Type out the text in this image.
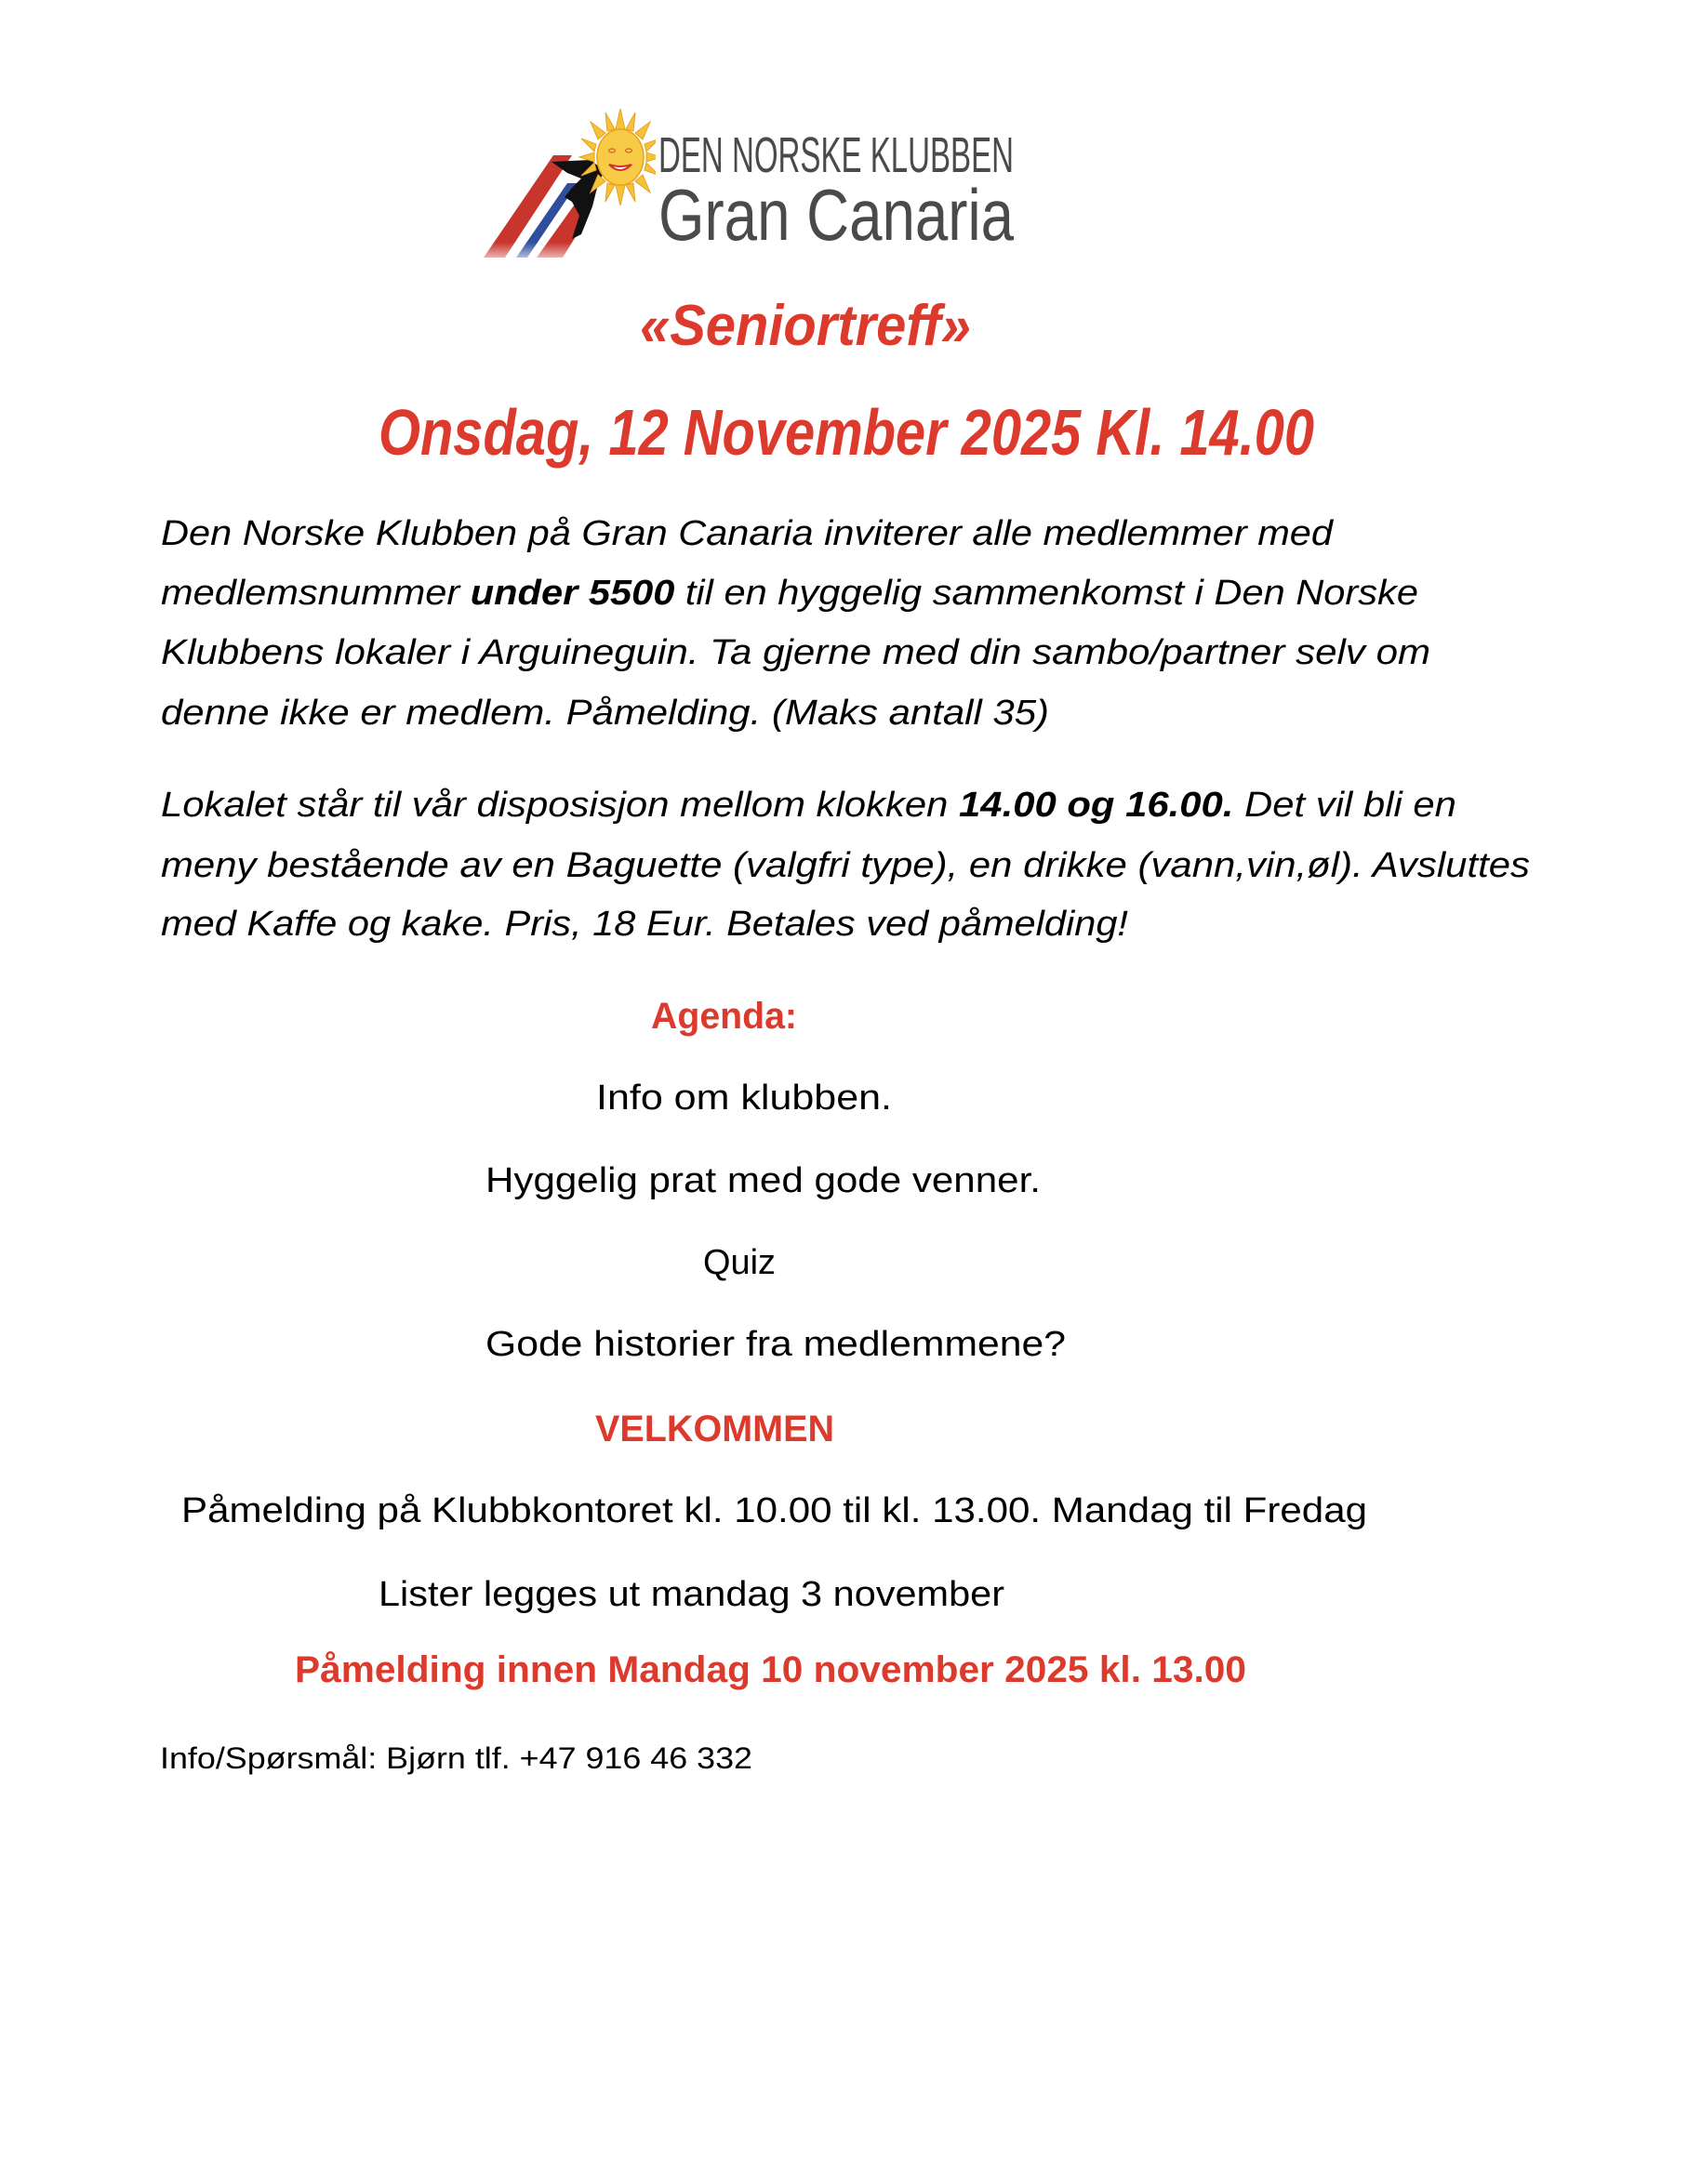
DEN NORSKE KLUBBEN
Gran Canaria
«Seniortreff»
Onsdag, 12 November 2025 Kl. 14.00
Den Norske Klubben på Gran Canaria inviterer alle medlemmer med
medlemsnummer under 5500 til en hyggelig sammenkomst i Den Norske
Klubbens lokaler i Arguineguin. Ta gjerne med din sambo/partner selv om
denne ikke er medlem. Påmelding. (Maks antall 35)
Lokalet står til vår disposisjon mellom klokken 14.00 og 16.00. Det vil bli en
meny bestående av en Baguette (valgfri type), en drikke (vann,vin,øl). Avsluttes
med Kaffe og kake. Pris, 18 Eur. Betales ved påmelding!
Agenda:
Info om klubben.
Hyggelig prat med gode venner.
Quiz
Gode historier fra medlemmene?
VELKOMMEN
Påmelding på Klubbkontoret kl. 10.00 til kl. 13.00. Mandag til Fredag
Lister legges ut mandag 3 november
Påmelding innen Mandag 10 november 2025 kl. 13.00
Info/Spørsmål: Bjørn tlf. +47 916 46 332
